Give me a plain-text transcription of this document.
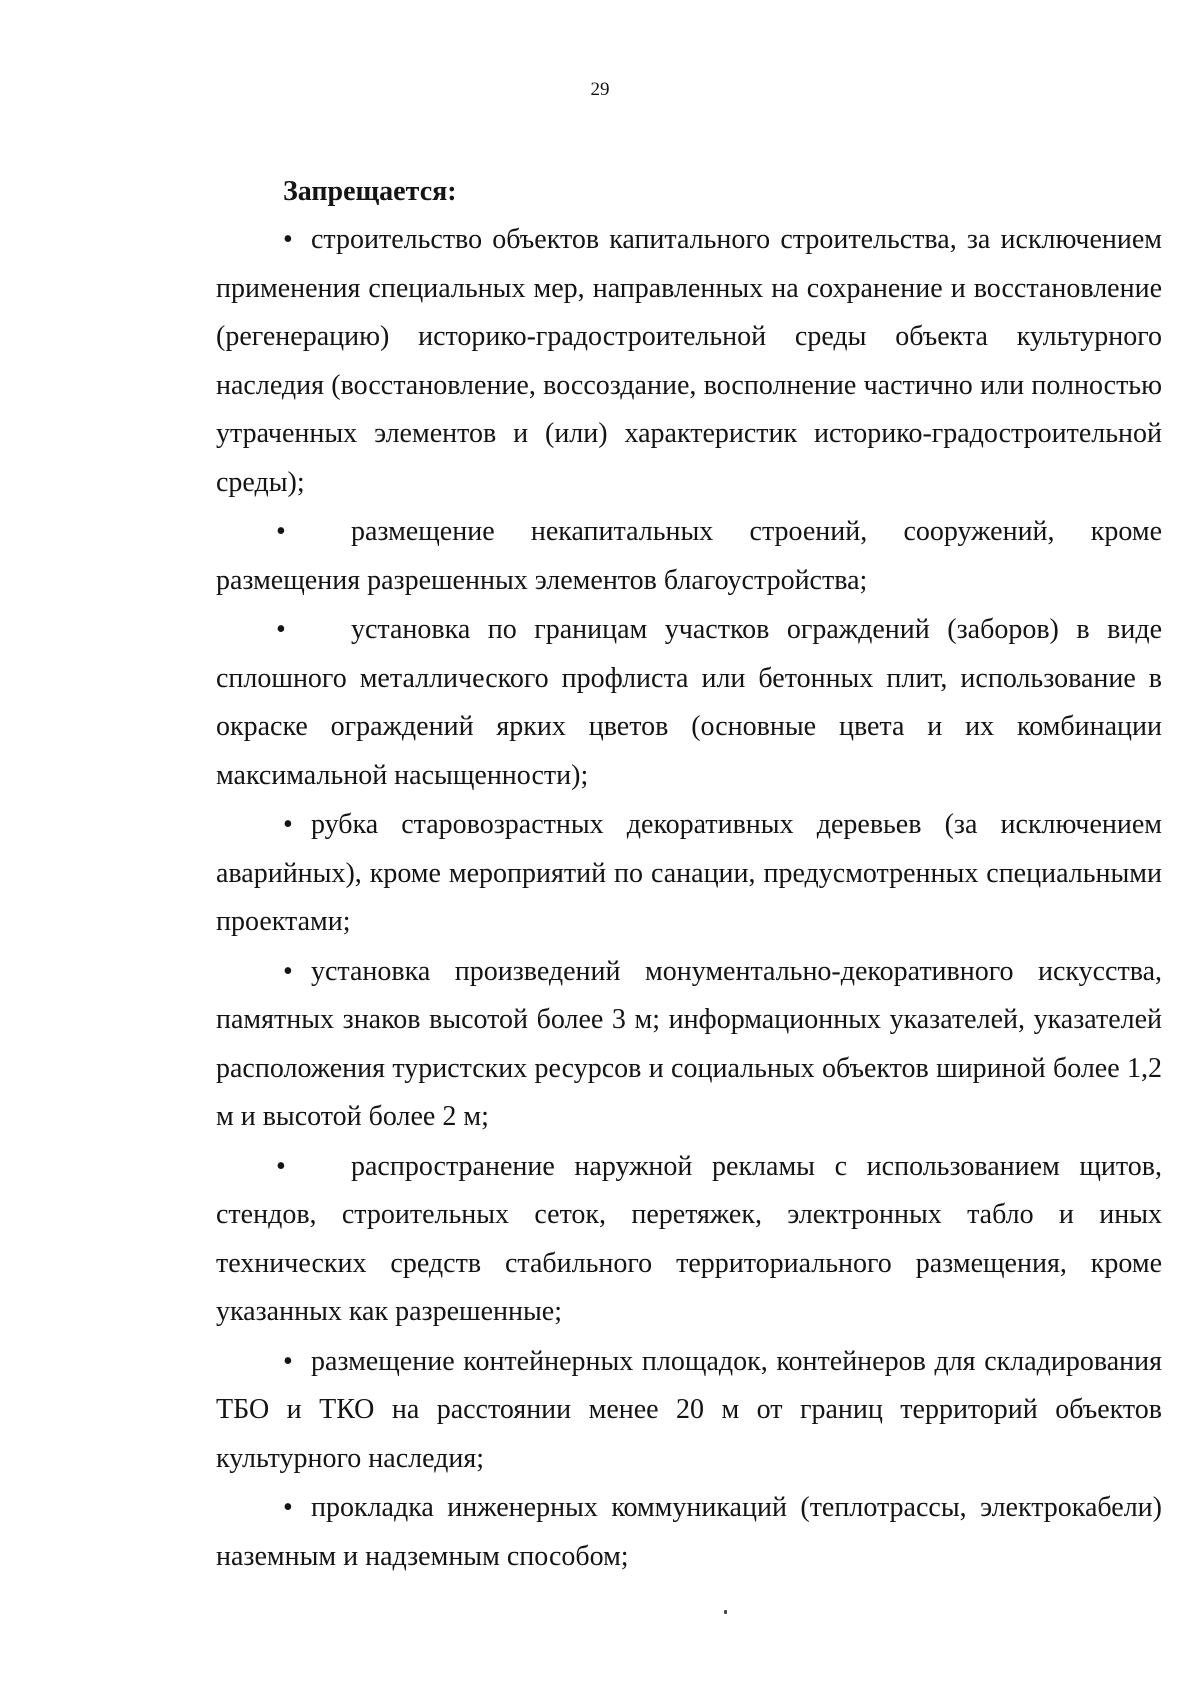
29

Запрещается:

• строительство объектов капитального строительства, за исключением применения специальных мер, направленных на сохранение и восстановление (регенерацию) историко-градостроительной среды объекта культурного наследия (восстановление, воссоздание, восполнение частично или полностью утраченных элементов и (или) характеристик историко-градостроительной среды);

• размещение некапитальных строений, сооружений, кроме размещения разрешенных элементов благоустройства;

• установка по границам участков ограждений (заборов) в виде сплошного металлического профлиста или бетонных плит, использование в окраске ограждений ярких цветов (основные цвета и их комбинации максимальной насыщенности);

• рубка старовозрастных декоративных деревьев (за исключением аварийных), кроме мероприятий по санации, предусмотренных специальными проектами;

• установка произведений монументально-декоративного искусства, памятных знаков высотой более 3 м; информационных указателей, указателей расположения туристских ресурсов и социальных объектов шириной более 1,2 м и высотой более 2 м;

• распространение наружной рекламы с использованием щитов, стендов, строительных сеток, перетяжек, электронных табло и иных технических средств стабильного территориального размещения, кроме указанных как разрешенные;

• размещение контейнерных площадок, контейнеров для складирования ТБО и ТКО на расстоянии менее 20 м от границ территорий объектов культурного наследия;

• прокладка инженерных коммуникаций (теплотрассы, электрокабели) наземным и надземным способом;
